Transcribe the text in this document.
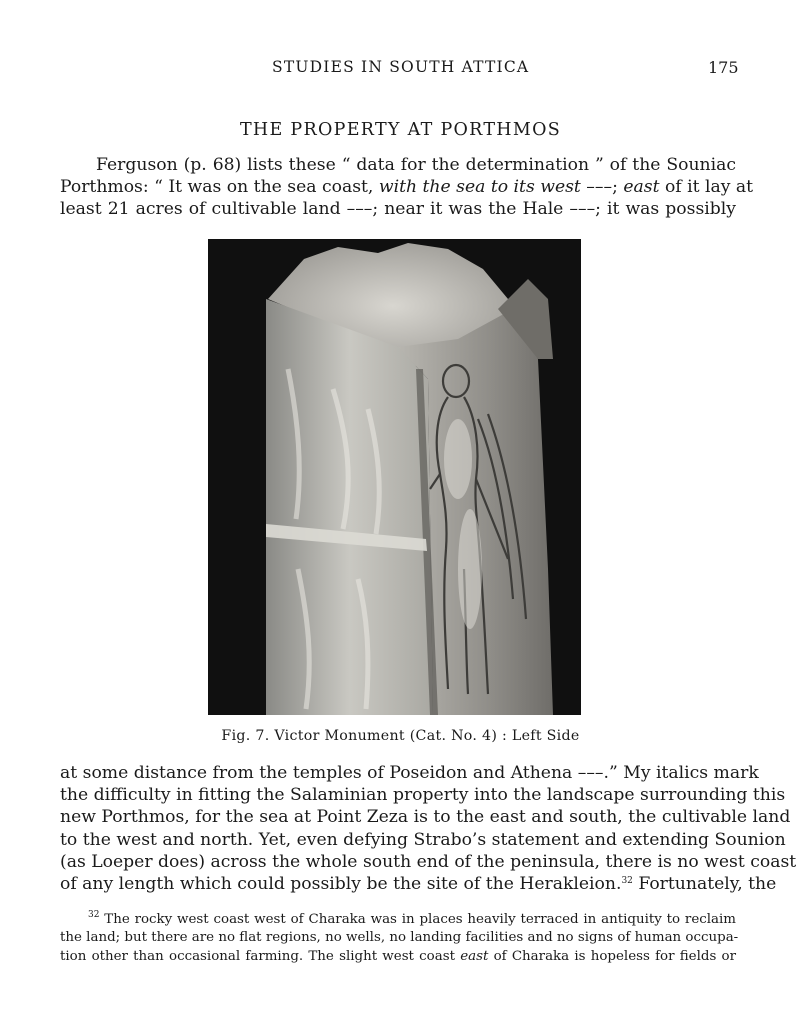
STUDIES IN SOUTH ATTICA	175
THE PROPERTY AT PORTHMOS

Ferguson (p. 68) lists these “ data for the determination ” of the Souniac
Porthmos: “ It was on the sea coast, with the sea to its west –––; east of it lay at
least 21 acres of cultivable land –––; near it was the Hale –––; it was possibly

Fig. 7. Victor Monument (Cat. No. 4) : Left Side

at some distance from the temples of Poseidon and Athena –––.” My italics mark
the difficulty in fitting the Salaminian property into the landscape surrounding this
new Porthmos, for the sea at Point Zeza is to the east and south, the cultivable land
to the west and north. Yet, even defying Strabo’s statement and extending Sounion
(as Loeper does) across the whole south end of the peninsula, there is no west coast
of any length which could possibly be the site of the Herakleion.$^{32}$ Fortunately, the

$^{32}$ The rocky west coast west of Charaka was in places heavily terraced in antiquity to reclaim
the land; but there are no flat regions, no wells, no landing facilities and no signs of human occupa-
tion other than occasional farming. The slight west coast east of Charaka is hopeless for fields or
